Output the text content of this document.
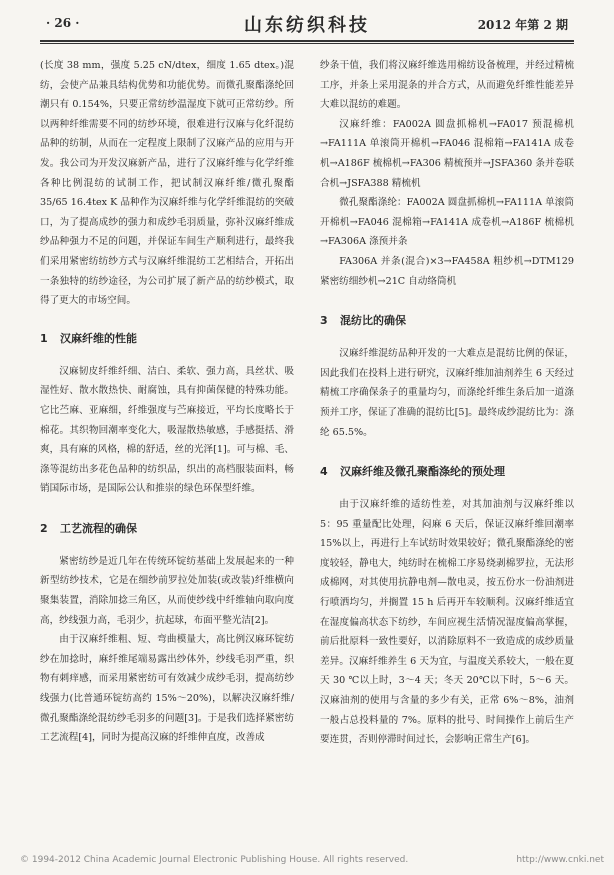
· 26 ·	山东纺织科技	2012 年第 2 期

(长度 38 mm，强度 5.25 cN/dtex，细度 1.65 dtex。)混纺，会使产品兼具结构优势和功能优势。而微孔聚酯涤纶回潮只有 0.154%，只要正常纺纱温湿度下就可正常纺纱。所以两种纤维需要不同的纺纱环境，很难进行汉麻与化纤混纺品种的纺制，从而在一定程度上限制了汉麻产品的应用与开发。我公司为开发汉麻新产品，进行了汉麻纤维与化学纤维各种比例混纺的试制工作，把试制汉麻纤维/微孔聚酯 35/65 16.4tex K 品种作为汉麻纤维与化学纤维混纺的突破口，为了提高成纱的强力和成纱毛羽质量，弥补汉麻纤维成纱品种强力不足的问题，并保证车间生产顺利进行，最终我们采用紧密纺纺纱方式与汉麻纤维混纺工艺相结合，开拓出一条独特的纺纱途径，为公司扩展了新产品的纺纱模式，取得了更大的市场空间。

1 汉麻纤维的性能

汉麻韧皮纤维纤细、洁白、柔软、强力高，具丝状、吸湿性好、散水散热快、耐腐蚀，具有抑菌保健的特殊功能。它比苎麻、亚麻细，纤维强度与苎麻接近，平均长度略长于棉花。其织物回潮率变化大，吸湿散热敏感，手感挺括、滑爽，具有麻的风格，棉的舒适，丝的光泽[1]。可与棉、毛、涤等混纺出多花色品种的纺织品，织出的高档服装面料，畅销国际市场，是国际公认和推崇的绿色环保型纤维。

2 工艺流程的确保

紧密纺纱是近几年在传统环锭纺基础上发展起来的一种新型纺纱技术，它是在细纱前罗拉处加装(或改装)纤维横向聚集装置，消除加捻三角区，从而使纱线中纤维轴向取向度高，纱线强力高，毛羽少，抗起球，布面平整光洁[2]。

由于汉麻纤维粗、短、弯曲模量大，高比例汉麻环锭纺纱在加捻时，麻纤维尾端易露出纱体外，纱线毛羽严重，织物有刺痒感，而采用紧密纺可有效减少成纱毛羽，提高纺纱线强力(比普通环锭纺高约 15%～20%)，以解决汉麻纤维/微孔聚酯涤纶混纺纱毛羽多的问题[3]。于是我们选择紧密纺工艺流程[4]，同时为提高汉麻的纤维伸直度，改善成

纱条干值，我们将汉麻纤维选用棉纺设备梳理，并经过精梳工序，并条上采用混条的并合方式，从而避免纤维性能差异大难以混纺的难题。

汉麻纤维：FA002A 圆盘抓棉机→FA017 预混棉机→FA111A 单滚筒开棉机→FA046 混棉箱→FA141A 成卷机→A186F 梳棉机→FA306 精梳预并→JSFA360 条并卷联合机→JSFA388 精梳机

微孔聚酯涤纶：FA002A 圆盘抓棉机→FA111A 单滚筒开棉机→FA046 混棉箱→FA141A 成卷机→A186F 梳棉机→FA306A 涤预并条

FA306A 并条(混合)×3→FA458A 粗纱机→DTM129 紧密纺细纱机→21C 自动络筒机

3 混纺比的确保

汉麻纤维混纺品种开发的一大难点是混纺比例的保证，因此我们在投料上进行研究，汉麻纤维加油剂养生 6 天经过精梳工序确保条子的重量均匀，而涤纶纤维生条后加一道涤预并工序，保证了准确的混纺比[5]。最终成纱混纺比为：涤纶 65.5%。

4 汉麻纤维及微孔聚酯涤纶的预处理

由于汉麻纤维的适纺性差，对其加油剂与汉麻纤维以 5：95 重量配比处理，闷麻 6 天后，保证汉麻纤维回潮率 15%以上，再进行上车试纺时效果较好；微孔聚酯涤纶的密度较轻，静电大，纯纺时在梳棉工序易绕剥棉罗拉，无法形成棉网，对其使用抗静电剂—散电灵，按五份水一份油剂进行喷洒均匀，并搁置 15 h 后再开车较顺利。汉麻纤维适宜在湿度偏高状态下纺纱，车间应视生活情况湿度偏高掌握，前后批原料一致性要好，以消除原料不一致造成的成纱质量差异。汉麻纤维养生 6 天为宜，与温度关系较大，一般在夏天 30 ℃以上时，3～4 天；冬天 20℃以下时，5～6 天。汉麻油剂的使用与含量的多少有关，正常 6%～8%，油剂一般占总投料量的 7%。原料的批号、时间操作上前后生产要连贯，否则停滞时间过长，会影响正常生产[6]。

© 1994-2012 China Academic Journal Electronic Publishing House. All rights reserved.	http://www.cnki.net
